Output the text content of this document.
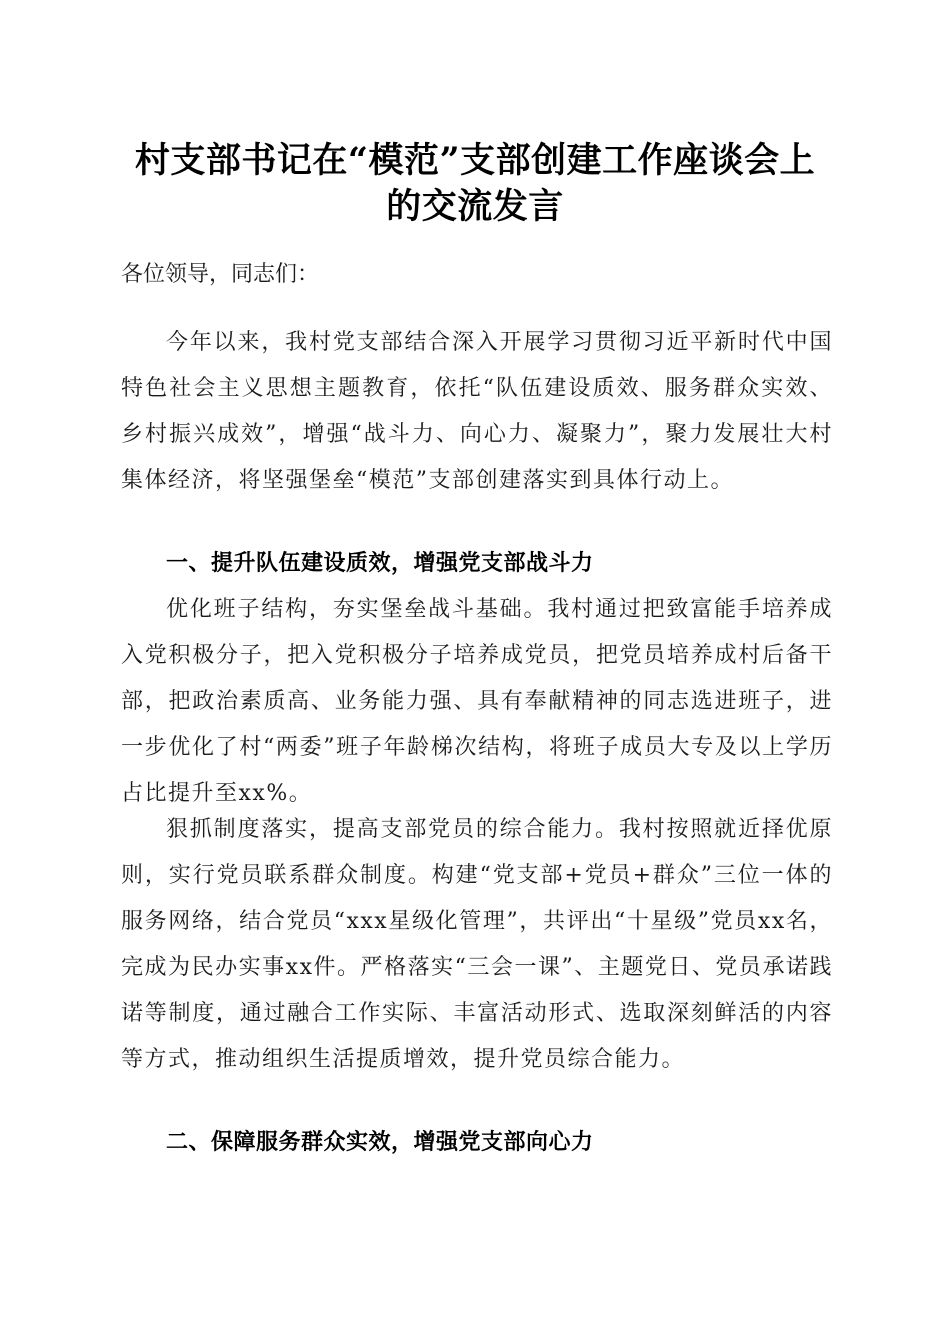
村支部书记在“模范”支部创建工作座谈会上
的交流发言
各位领导，同志们：

今年以来，我村党支部结合深入开展学习贯彻习近平新时代中国特色社会主义思想主题教育，依托“队伍建设质效、服务群众实效、乡村振兴成效”，增强“战斗力、向心力、凝聚力”，聚力发展壮大村集体经济，将坚强堡垒“模范”支部创建落实到具体行动上。

一、提升队伍建设质效，增强党支部战斗力

优化班子结构，夯实堡垒战斗基础。我村通过把致富能手培养成入党积极分子，把入党积极分子培养成党员，把党员培养成村后备干部，把政治素质高、业务能力强、具有奉献精神的同志选进班子，进一步优化了村“两委”班子年龄梯次结构，将班子成员大专及以上学历占比提升至xx%。

狠抓制度落实，提高支部党员的综合能力。我村按照就近择优原则，实行党员联系群众制度。构建“党支部+党员+群众”三位一体的服务网络，结合党员“xxx星级化管理”，共评出“十星级”党员xx名，完成为民办实事xx件。严格落实“三会一课”、主题党日、党员承诺践诺等制度，通过融合工作实际、丰富活动形式、选取深刻鲜活的内容等方式，推动组织生活提质增效，提升党员综合能力。

二、保障服务群众实效，增强党支部向心力
